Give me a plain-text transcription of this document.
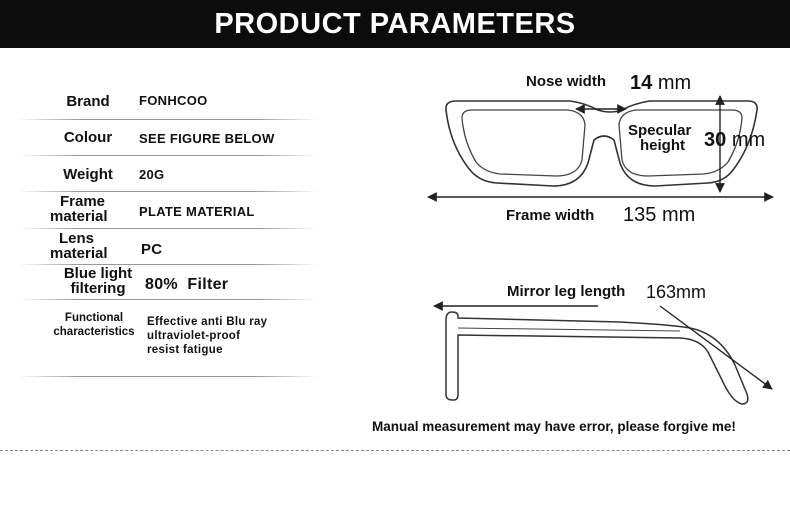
PRODUCT PARAMETERS
Brand	FONHCOO
Colour	SEE FIGURE BELOW
Weight	20G
Frame
material	PLATE MATERIAL
Lens
material	PC
Blue light
filtering	80%  Filter
Functional
characteristics
Effective anti Blu ray
ultraviolet-proof
resist fatigue
Nose width 14 mm
Specular
height 30 mm
Frame width 135 mm
Mirror leg length 163mm
Manual measurement may have error, please forgive me!
